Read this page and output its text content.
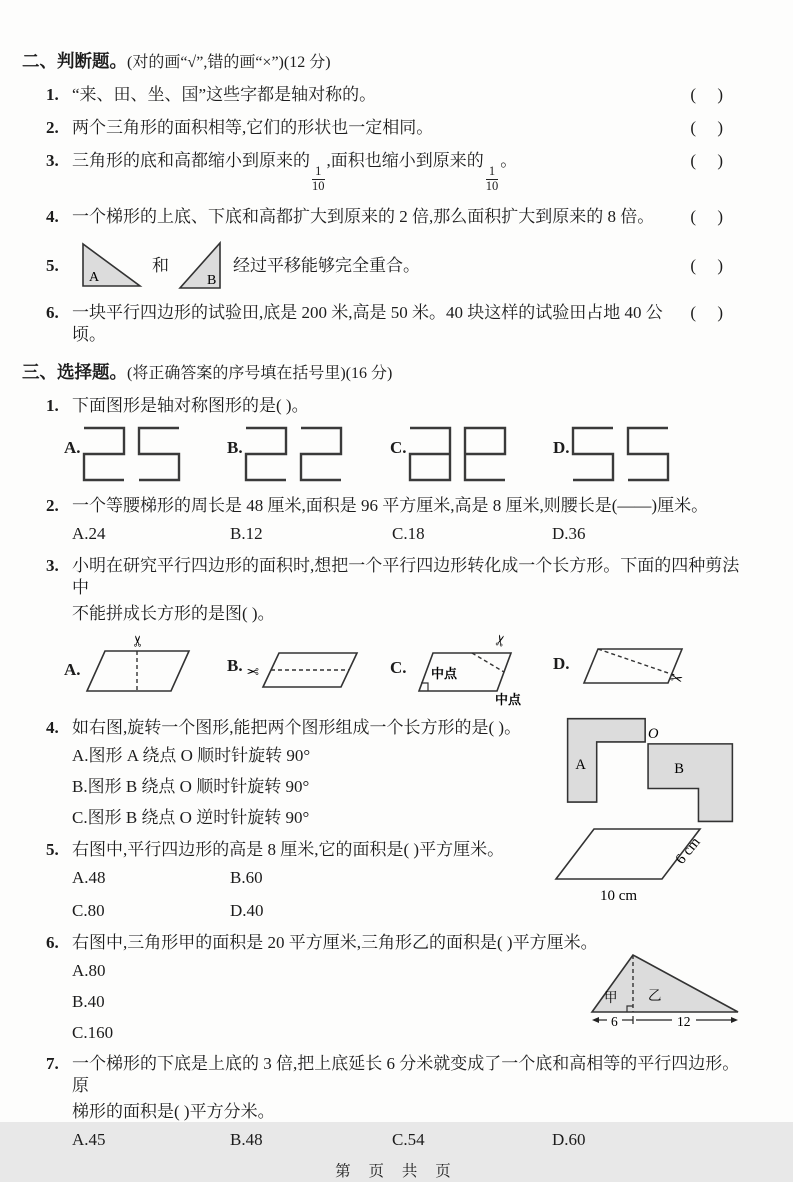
二、判断题。(对的画“√”,错的画“×”)(12 分)
1. “来、田、坐、国”这些字都是轴对称的。	(     )
2. 两个三角形的面积相等,它们的形状也一定相同。	(     )
3. 三角形的底和高都缩小到原来的
$\frac{1}{10}$
,面积也缩小到原来的
$\frac{1}{10}$
。	(     )
4. 一个梯形的上底、下底和高都扩大到原来的 2 倍,那么面积扩大到原来的 8 倍。	(     )
5.
A
和
B
经过平移能够完全重合。	(     )
6. 一块平行四边形的试验田,底是 200 米,高是 50 米。40 块这样的试验田占地 40 公顷。
(     )
三、选择题。(将正确答案的序号填在括号里)(16 分)
1. 下面图形是轴对称图形的是( )。
A.	B.	C.	D.
2. 一个等腰梯形的周长是 48 厘米,面积是 96 平方厘米,高是 8 厘米,则腰长是(——)厘米。
A.24	B.12	C.18	D.36
3. 小明在研究平行四边形的面积时,想把一个平行四边形转化成一个长方形。下面的四种剪法中
不能拼成长方形的是图( )。
A.
✂
B. ✂	C. 中点
中点
✂
D.
✂
4. 如右图,旋转一个图形,能把两个图形组成一个长方形的是( )。
A.图形 A 绕点 O 顺时针旋转 90°
B.图形 B 绕点 O 顺时针旋转 90°
C.图形 B 绕点 O 逆时针旋转 90°
A	B
O
5. 右图中,平行四边形的高是 8 厘米,它的面积是( )平方厘米。
A.48	B.60
C.80	D.40
10 cm
6 cm
6. 右图中,三角形甲的面积是 20 平方厘米,三角形乙的面积是( )平方厘米。
A.80
B.40
C.160
甲 乙
6	12
7. 一个梯形的下底是上底的 3 倍,把上底延长 6 分米就变成了一个底和高相等的平行四边形。原
梯形的面积是( )平方分米。
A.45	B.48	C.54	D.60
第 页 共 页
